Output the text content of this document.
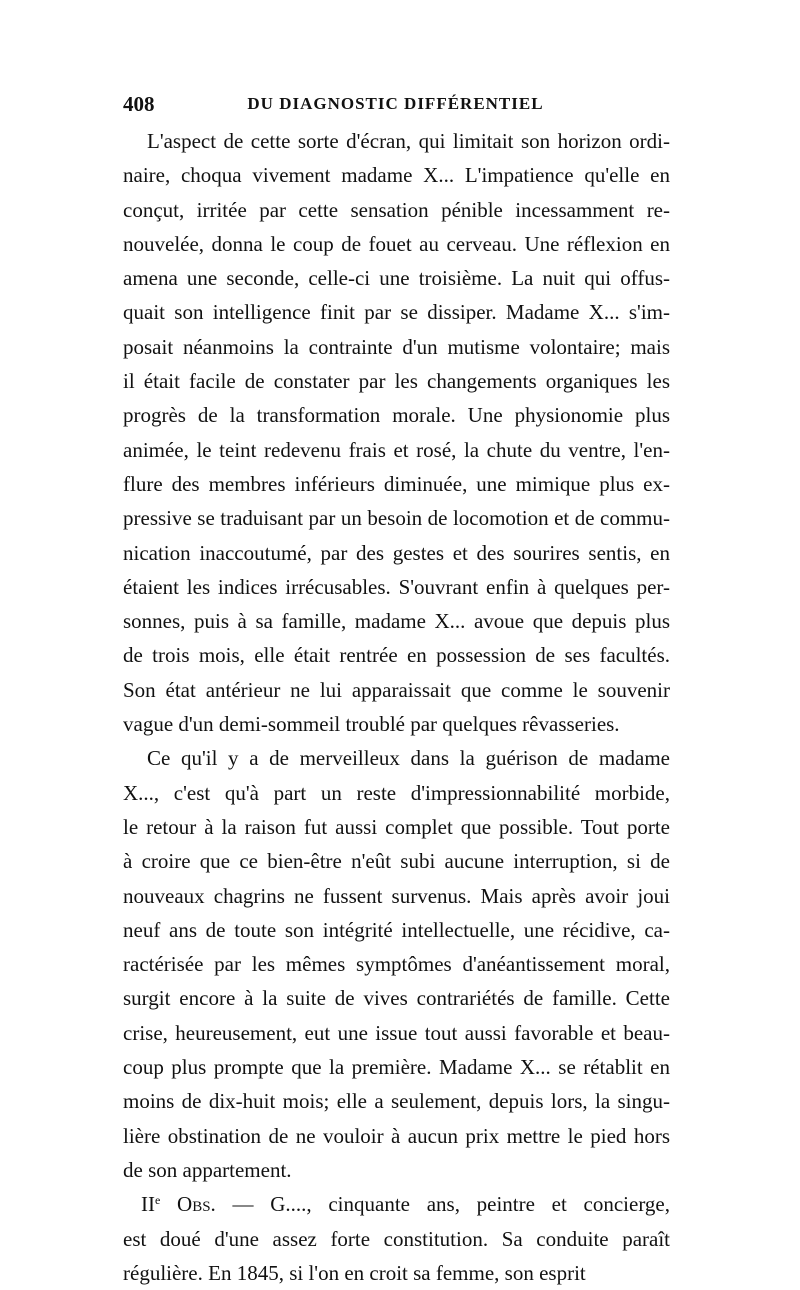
408	DU DIAGNOSTIC DIFFÉRENTIEL
L'aspect de cette sorte d'écran, qui limitait son horizon ordi-
naire, choqua vivement madame X... L'impatience qu'elle en
conçut, irritée par cette sensation pénible incessamment re-
nouvelée, donna le coup de fouet au cerveau. Une réflexion en
amena une seconde, celle-ci une troisième. La nuit qui offus-
quait son intelligence finit par se dissiper. Madame X... s'im-
posait néanmoins la contrainte d'un mutisme volontaire; mais
il était facile de constater par les changements organiques les
progrès de la transformation morale. Une physionomie plus
animée, le teint redevenu frais et rosé, la chute du ventre, l'en-
flure des membres inférieurs diminuée, une mimique plus ex-
pressive se traduisant par un besoin de locomotion et de commu-
nication inaccoutumé, par des gestes et des sourires sentis, en
étaient les indices irrécusables. S'ouvrant enfin à quelques per-
sonnes, puis à sa famille, madame X... avoue que depuis plus
de trois mois, elle était rentrée en possession de ses facultés.
Son état antérieur ne lui apparaissait que comme le souvenir
vague d'un demi-sommeil troublé par quelques rêvasseries.
Ce qu'il y a de merveilleux dans la guérison de madame
X..., c'est qu'à part un reste d'impressionnabilité morbide,
le retour à la raison fut aussi complet que possible. Tout porte
à croire que ce bien-être n'eût subi aucune interruption, si de
nouveaux chagrins ne fussent survenus. Mais après avoir joui
neuf ans de toute son intégrité intellectuelle, une récidive, ca-
ractérisée par les mêmes symptômes d'anéantissement moral,
surgit encore à la suite de vives contrariétés de famille. Cette
crise, heureusement, eut une issue tout aussi favorable et beau-
coup plus prompte que la première. Madame X... se rétablit en
moins de dix-huit mois; elle a seulement, depuis lors, la singu-
lière obstination de ne vouloir à aucun prix mettre le pied hors
de son appartement.
IIe Obs. — G...., cinquante ans, peintre et concierge,
est doué d'une assez forte constitution. Sa conduite paraît
régulière. En 1845, si l'on en croit sa femme, son esprit
